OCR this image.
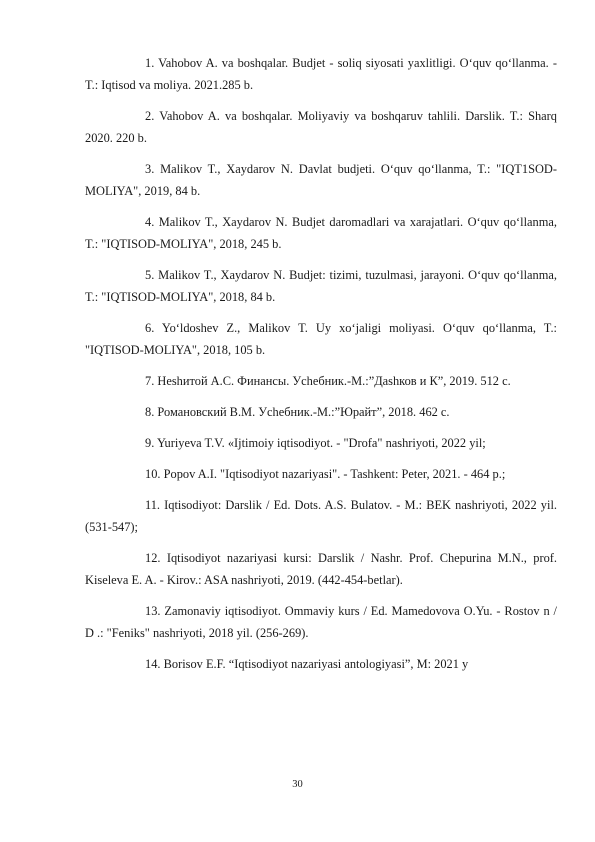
1. Vahobov A. va boshqalar. Budjet - soliq siyosati yaxlitligi. O‘quv qo‘llanma. - T.: Iqtisod va moliya. 2021.285 b.
2. Vahobov A. va boshqalar. Moliyaviy va boshqaruv tahlili. Darslik. T.: Sharq 2020. 220 b.
3. Malikov T., Xaydarov N. Davlat budjeti. O‘quv qo‘llanma, T.: "IQT1SOD-MOLIYA", 2019, 84 b.
4. Malikov T., Xaydarov N. Budjet daromadlari va xarajatlari. O‘quv qo‘llanma, T.: "IQTISOD-MOLIYA", 2018, 245 b.
5. Malikov T., Xaydarov N. Budjet: tizimi, tuzulmasi, jarayoni. O‘quv qo‘llanma, T.: "IQTISOD-MOLIYA", 2018, 84 b.
6. Yo‘ldoshev Z., Malikov T. Uy xo‘jaligi moliyasi. O‘quv qo‘llanma, T.: "IQTISOD-MOLIYA", 2018, 105 b.
7. Нeshитой А.С. Финансы. Уcheбник.-М.:”Дashков и К”, 2019. 512 с.
8. Романовский В.М. Уcheбник.-М.:”Юрайт”, 2018. 462 с.
9. Yuriyeva T.V. «Ijtimoiy iqtisodiyot. - "Drofa" nashriyoti, 2022 yil;
10. Popov A.I. "Iqtisodiyot nazariyasi". - Tashkent: Peter, 2021. - 464 p.;
11. Iqtisodiyot: Darslik / Ed. Dots. A.S. Bulatov. - M.: BEK nashriyoti, 2022 yil. (531-547);
12. Iqtisodiyot nazariyasi kursi: Darslik / Nashr. Prof. Chepurina M.N., prof. Kiseleva E. A. - Kirov.: ASA nashriyoti, 2019. (442-454-betlar).
13. Zamonaviy iqtisodiyot. Ommaviy kurs / Ed. Mamedovova O.Yu. - Rostov n / D .: "Feniks" nashriyoti, 2018 yil. (256-269).
14. Borisov E.F. “Iqtisodiyot nazariyasi antologiyasi”, M: 2021 y
30
